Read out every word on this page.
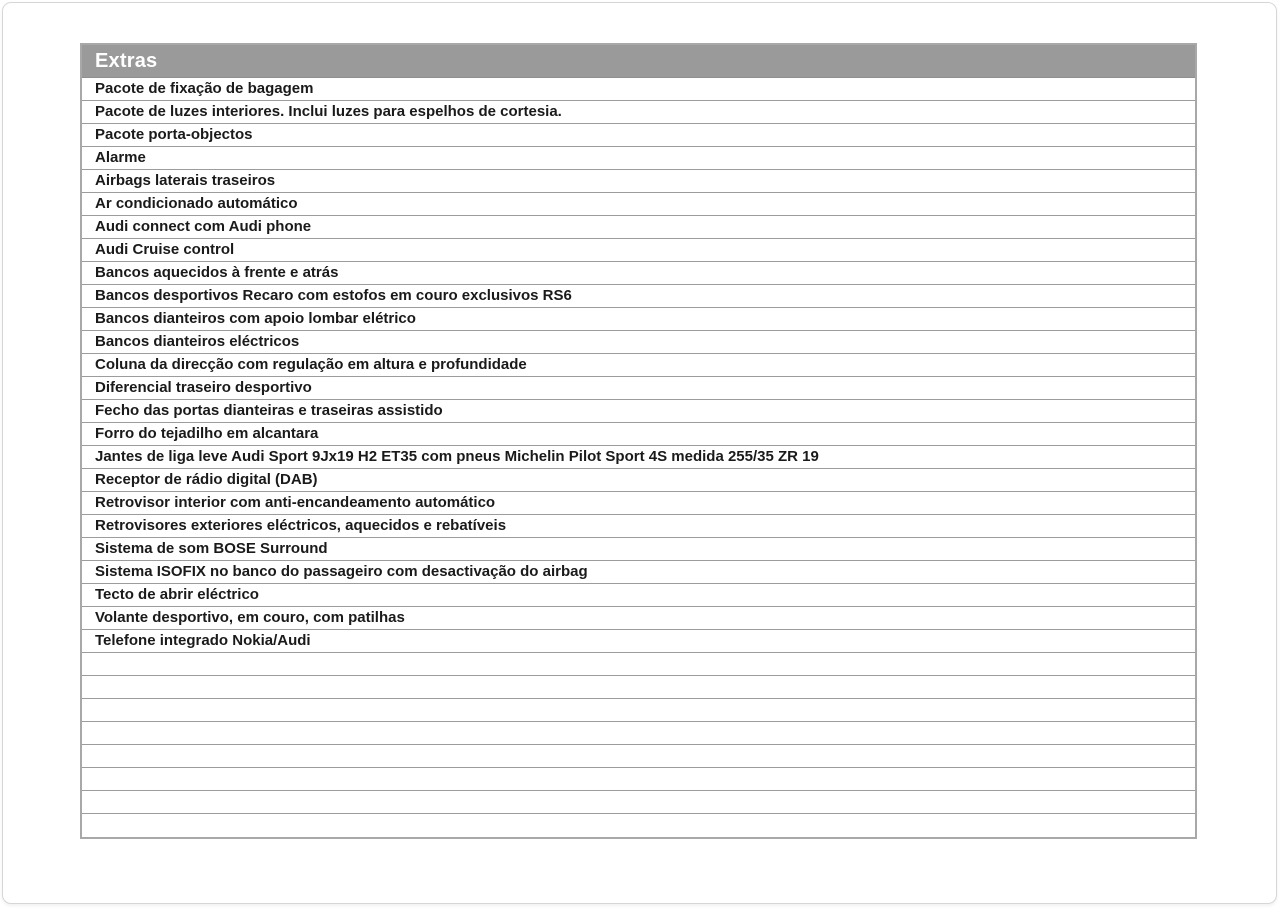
Extras
Pacote de fixação de bagagem
Pacote de luzes interiores. Inclui luzes para espelhos de cortesia.
Pacote porta-objectos
Alarme
Airbags laterais traseiros
Ar condicionado automático
Audi connect com Audi phone
Audi Cruise control
Bancos aquecidos à frente e atrás
Bancos desportivos Recaro com estofos em couro exclusivos RS6
Bancos dianteiros com apoio lombar elétrico
Bancos dianteiros eléctricos
Coluna da direcção com regulação em altura e profundidade
Diferencial traseiro desportivo
Fecho das portas dianteiras e traseiras assistido
Forro do tejadilho em alcantara
Jantes de liga leve Audi Sport 9Jx19 H2 ET35 com pneus Michelin Pilot Sport 4S medida 255/35 ZR 19
Receptor de rádio digital (DAB)
Retrovisor interior com anti-encandeamento automático
Retrovisores exteriores eléctricos, aquecidos e rebatíveis
Sistema de som BOSE Surround
Sistema ISOFIX no banco do passageiro com desactivação do airbag
Tecto de abrir eléctrico
Volante desportivo, em couro, com patilhas
Telefone integrado Nokia/Audi
